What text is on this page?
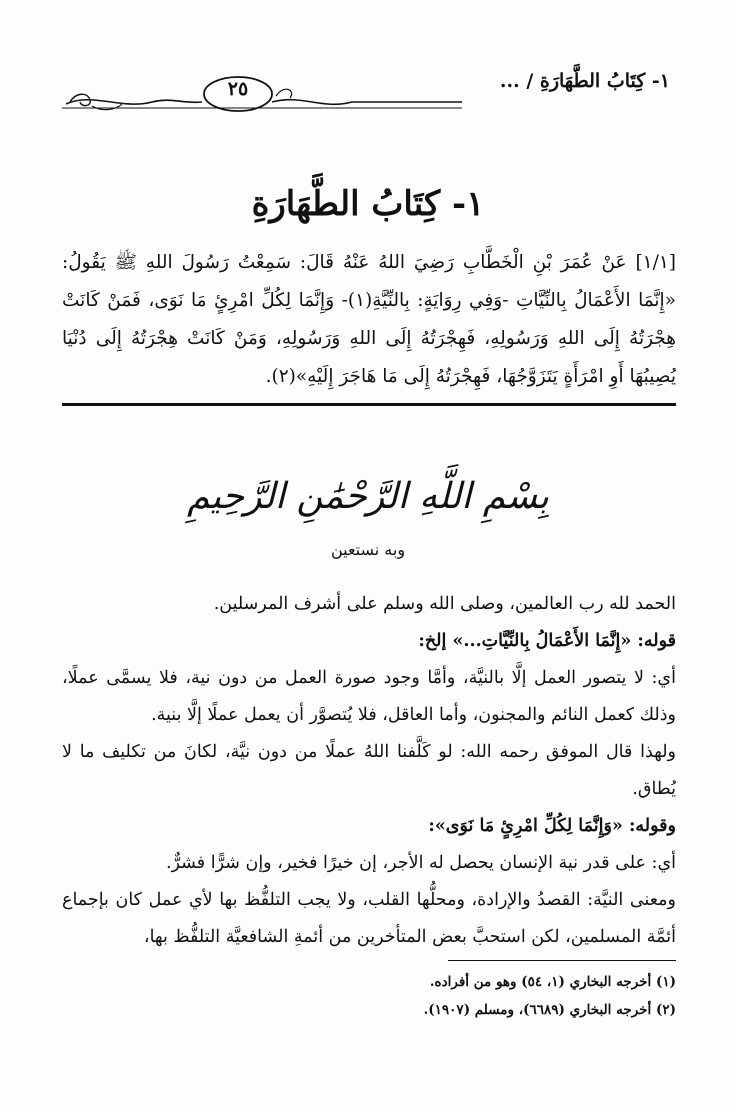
٢٥	١- كِتَابُ الطَّهَارَةِ / ...
١- كِتَابُ الطَّهَارَةِ
[١/١] عَنْ عُمَرَ بْنِ الْخَطَّابِ رَضِيَ اللهُ عَنْهُ قَالَ: سَمِعْتُ رَسُولَ اللهِ ﷺ يَقُولُ: «إِنَّمَا الأَعْمَالُ بِالنِّيَّاتِ -وَفِي رِوَايَةٍ: بِالنِّيَّةِ(١)- وَإِنَّمَا لِكُلِّ امْرِئٍ مَا نَوَى، فَمَنْ كَانَتْ هِجْرَتُهُ إِلَى اللهِ وَرَسُولِهِ، فَهِجْرَتُهُ إِلَى اللهِ وَرَسُولِهِ، وَمَنْ كَانَتْ هِجْرَتُهُ إِلَى دُنْيَا يُصِيبُهَا أَوِ امْرَأَةٍ يَتَزَوَّجُهَا، فَهِجْرَتُهُ إِلَى مَا هَاجَرَ إِلَيْهِ»(٢).
بِسْمِ اللَّهِ الرَّحْمَٰنِ الرَّحِيمِ
وبه نستعين

الحمد لله رب العالمين، وصلى الله وسلم على أشرف المرسلين.

قوله: «إِنَّمَا الأَعْمَالُ بِالنِّيَّاتِ...» إلخ:

أي: لا يتصور العمل إلَّا بالنيَّة، وأمَّا وجود صورة العمل من دون نية، فلا يسمَّى عملًا، وذلك كعمل النائم والمجنون، وأما العاقل، فلا يُتصوَّر أن يعمل عملًا إلَّا بنية.

ولهذا قال الموفق رحمه الله: لو كَلَّفنا اللهُ عملًا من دون نيَّة، لكانَ من تكليف ما لا يُطاق.

وقوله: «وَإِنَّمَا لِكُلِّ امْرِئٍ مَا نَوَى»:

أي: على قدر نية الإنسان يحصل له الأجر، إن خيرًا فخير، وإن شرًّا فشرٌّ.

ومعنى النيَّة: القصدُ والإرادة، ومحلُّها القلب، ولا يجب التلفُّظ بها لأي عمل كان بإجماع أئمَّة المسلمين، لكن استحبَّ بعض المتأخرين من أئمةِ الشافعيَّة التلفُّظ بها،

(١) أخرجه البخاري (١، ٥٤) وهو من أفراده.
(٢) أخرجه البخاري (٦٦٨٩)، ومسلم (١٩٠٧).
